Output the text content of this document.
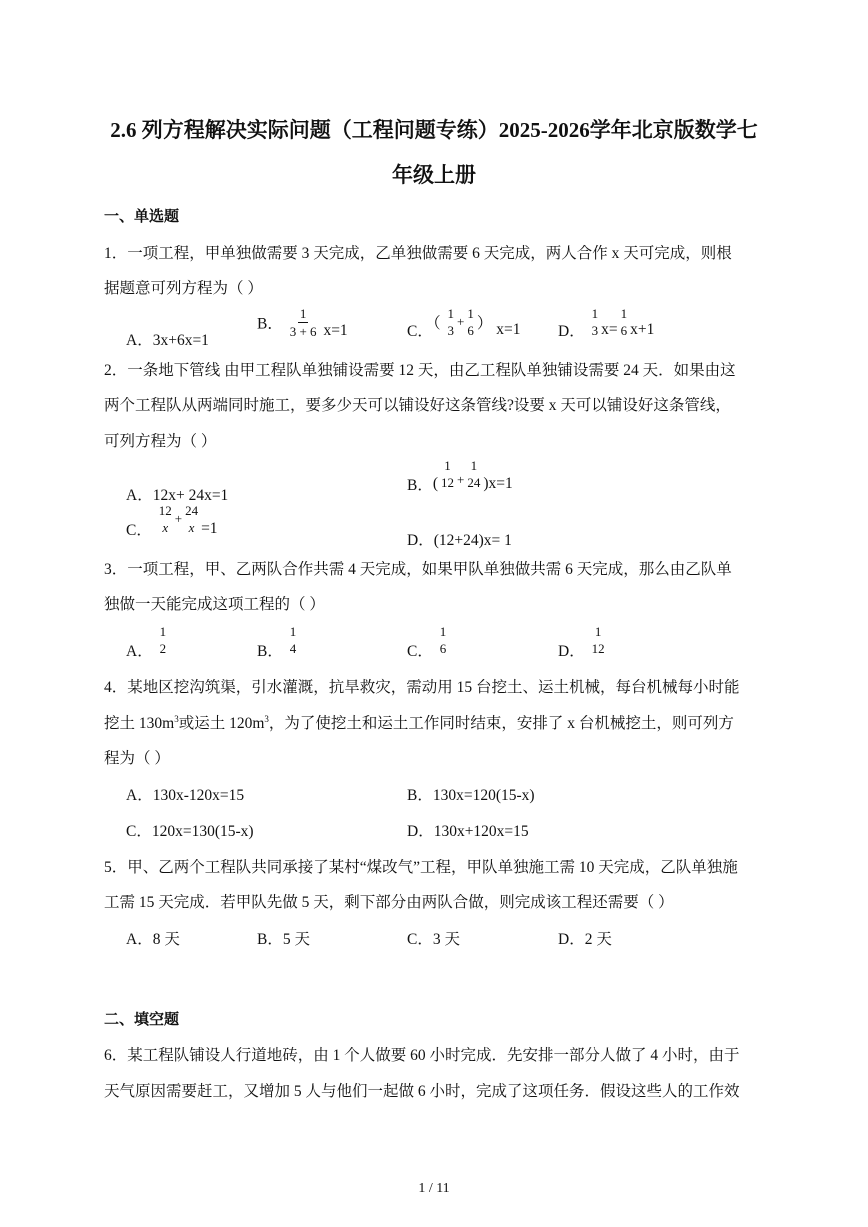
2.6 列方程解决实际问题（工程问题专练）2025-2026学年北京版数学七
年级上册
一、单选题
1．一项工程，甲单独做需要 3 天完成，乙单独做需要 6 天完成，两人合作 x 天可完成，则根
据题意可列方程为（ ）
A．3x+6x=1
B． $\frac{1}{3 + 6} x=1$	C．（
1
3
+
1
6 ） x=1 D．
1
3 x=
1
6 x+1
2．一条地下管线 由甲工程队单独铺设需要 12 天，由乙工程队单独铺设需要 24 天．如果由这
两个工程队从两端同时施工，要多少天可以铺设好这条管线?设要 x 天可以铺设好这条管线，
可列方程为（ ）
A．12x+ 24x=1
B．(
1
12 $_+$
1
24 )x=1
C．
12
x
+
24
x =1
D．(12+24)x= 1
3．一项工程，甲、乙两队合作共需 4 天完成，如果甲队单独做共需 6 天完成，那么由乙队单
独做一天能完成这项工程的（ ）
A．
1
2	B．
1
4	C．
1
6	D．
1
12
4．某地区挖沟筑渠，引水灌溉，抗旱救灾，需动用 15 台挖土、运土机械，每台机械每小时能
挖土 $130m^3$或运土 $120m^3$，为了使挖土和运土工作同时结束，安排了 x 台机械挖土，则可列方
程为（ ）
A．130x-120x=15	B．130x=120(15-x)
C．120x=130(15-x)	D．130x+120x=15
5．甲、乙两个工程队共同承接了某村“煤改气”工程，甲队单独施工需 10 天完成，乙队单独施
工需 15 天完成．若甲队先做 5 天，剩下部分由两队合做，则完成该工程还需要（ ）
A．8 天	B．5 天	C．3 天	D．2 天
二、填空题
6．某工程队铺设人行道地砖，由 1 个人做要 60 小时完成．先安排一部分人做了 4 小时，由于
天气原因需要赶工，又增加 5 人与他们一起做 6 小时，完成了这项任务．假设这些人的工作效
1 / 11
